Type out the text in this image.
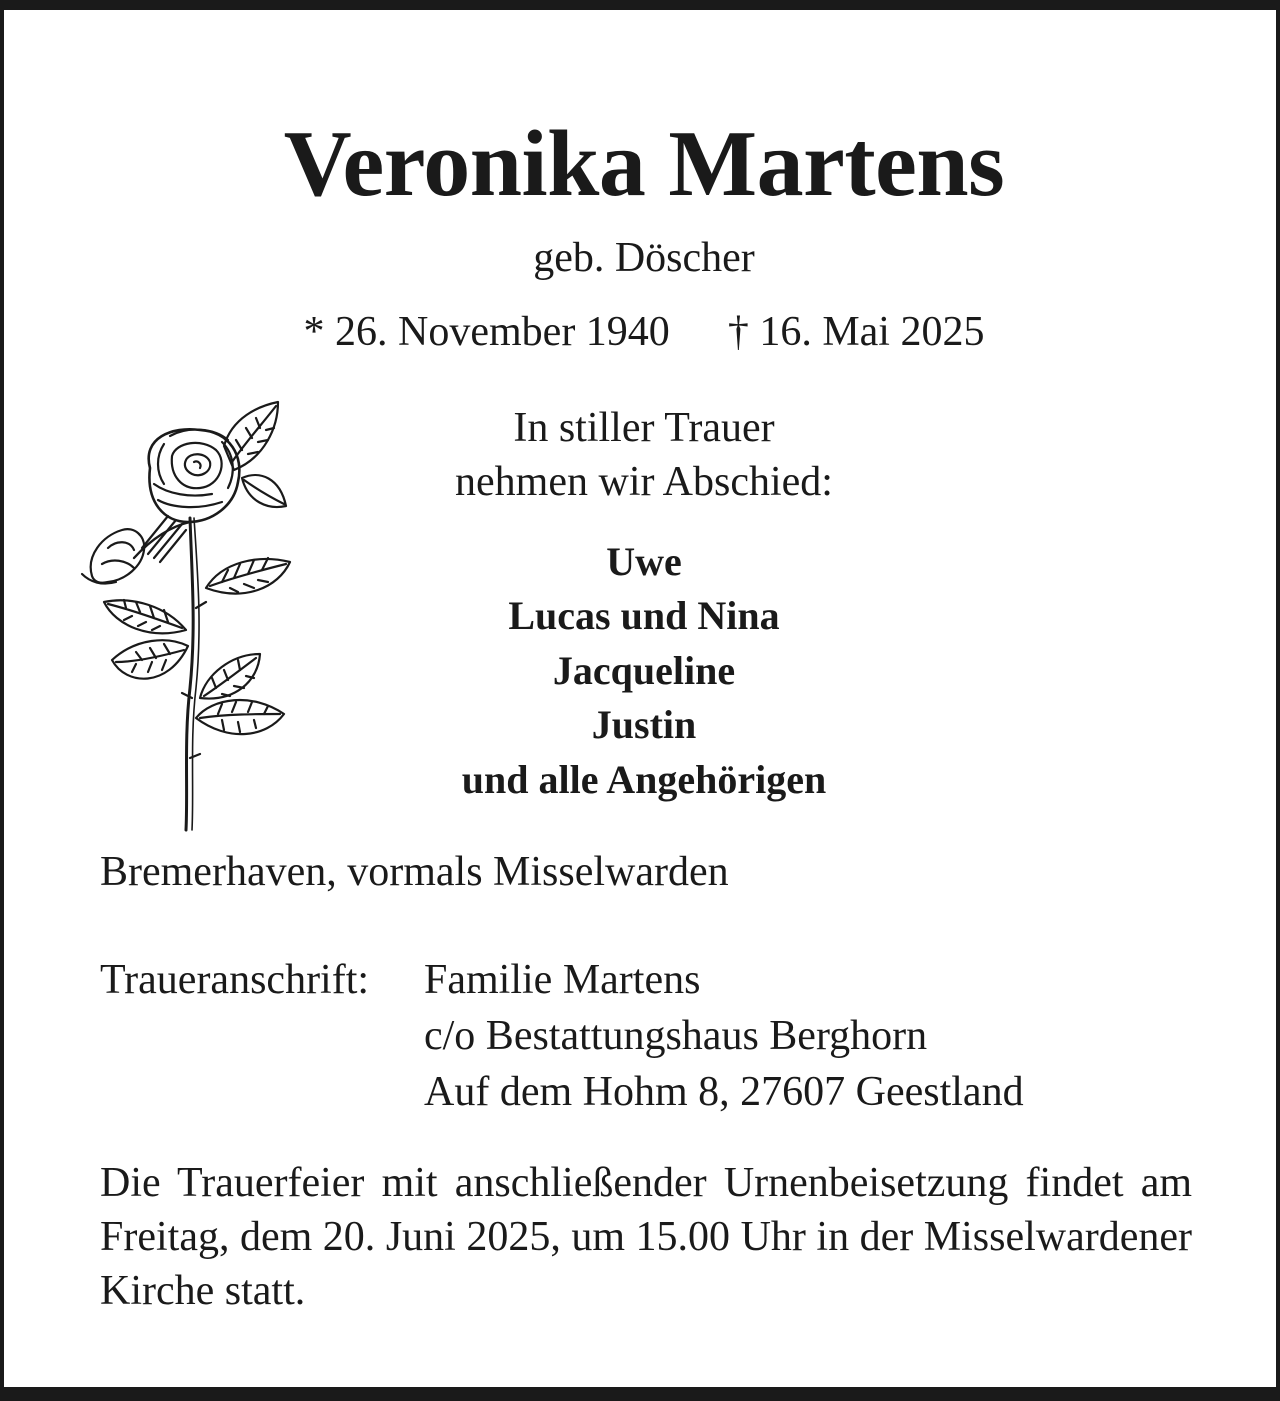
Veronika Martens
geb. Döscher
* 26. November 1940 † 16. Mai 2025
In stiller Trauer
nehmen wir Abschied:
Uwe
Lucas und Nina
Jacqueline
Justin
und alle Angehörigen
Bremerhaven, vormals Misselwarden
Traueranschrift: Familie Martens
c/o Bestattungshaus Berghorn
Auf dem Hohm 8, 27607 Geestland
Die Trauerfeier mit anschließender Urnenbeisetzung findet am Freitag, dem 20. Juni 2025, um 15.00 Uhr in der Misselwardener Kirche statt.
